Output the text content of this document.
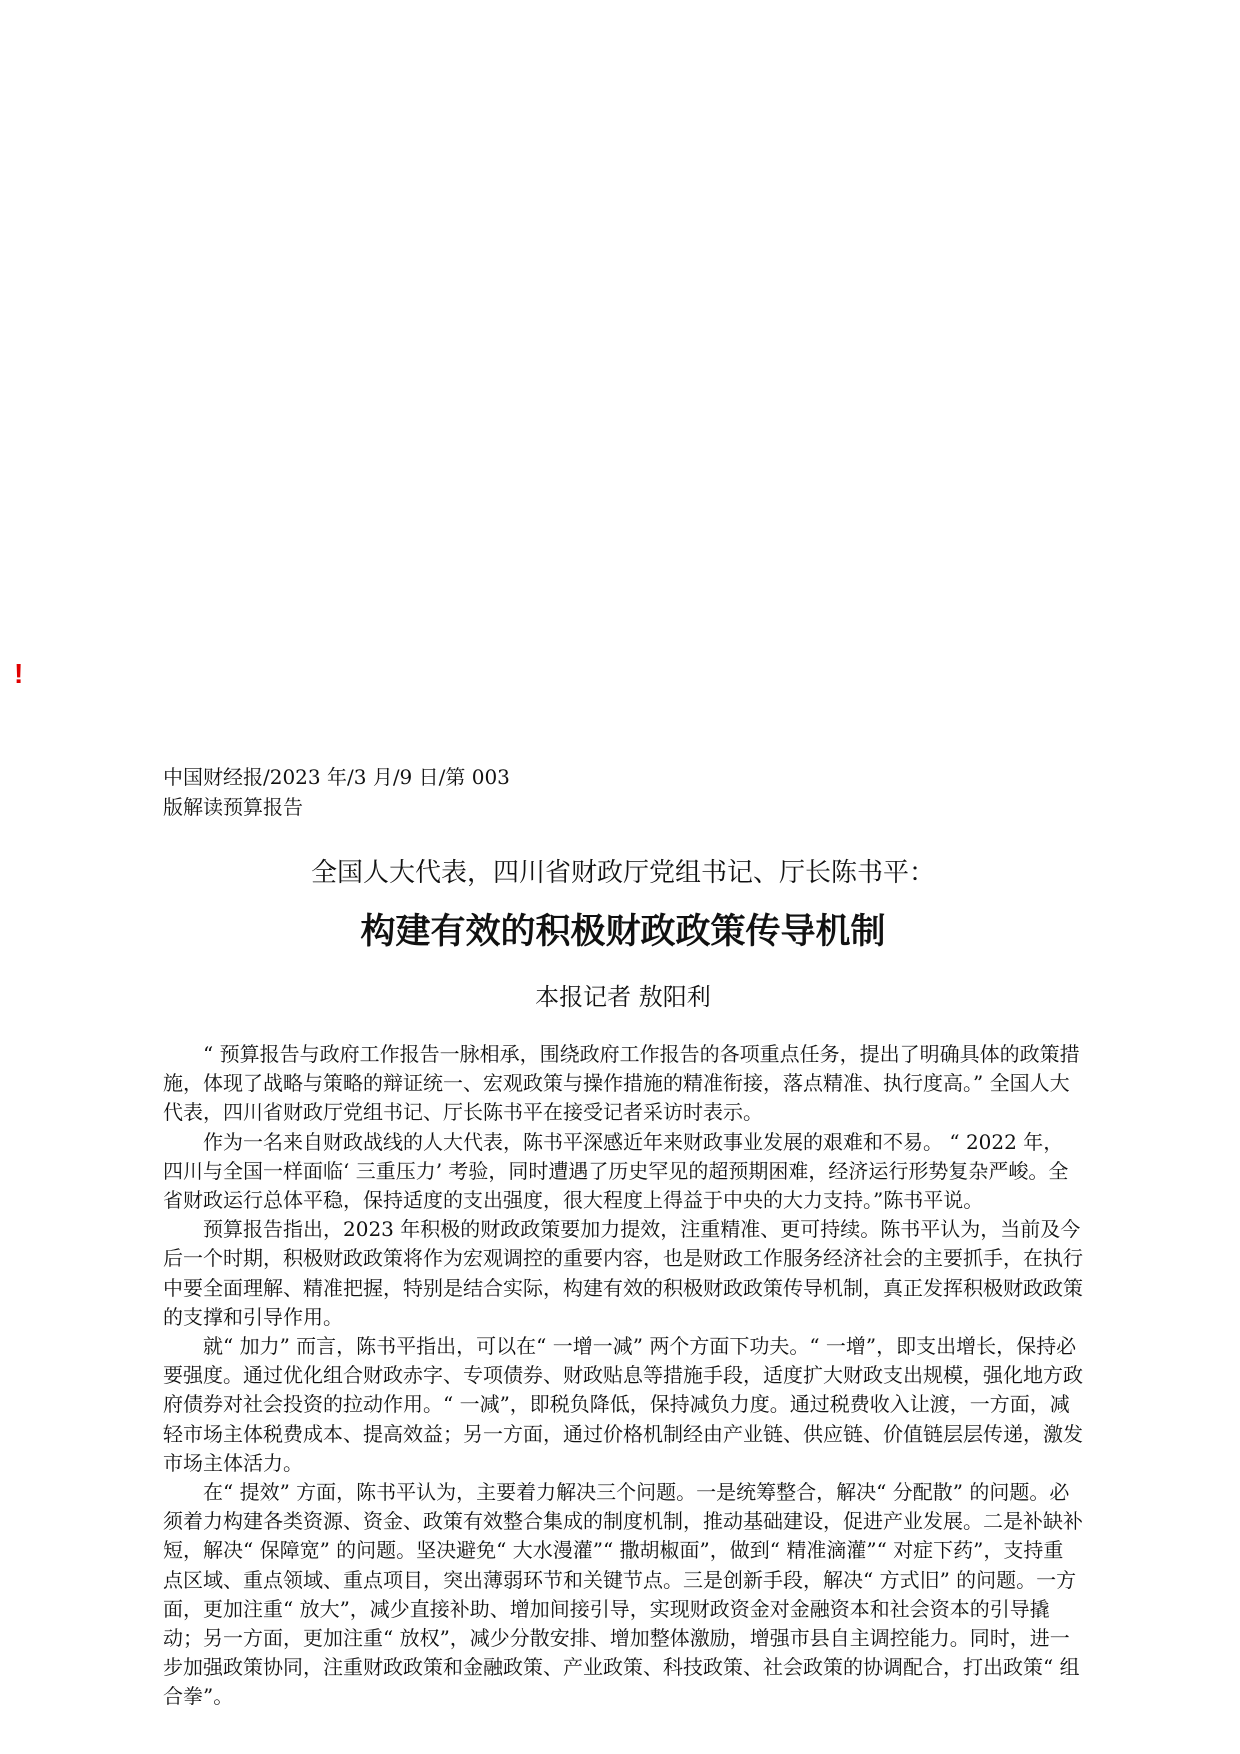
!
中国财经报/2023 年/3 月/9 日/第 003
版解读预算报告
全国人大代表，四川省财政厅党组书记、厅长陈书平：
构建有效的积极财政政策传导机制
本报记者 敖阳利

“ 预算报告与政府工作报告一脉相承，围绕政府工作报告的各项重点任务，提出了明确具体的政策措施，体现了战略与策略的辩证统一、宏观政策与操作措施的精准衔接，落点精准、执行度高。” 全国人大代表，四川省财政厅党组书记、厅长陈书平在接受记者采访时表示。

作为一名来自财政战线的人大代表，陈书平深感近年来财政事业发展的艰难和不易。 “ 2022 年，四川与全国一样面临‘ 三重压力’ 考验，同时遭遇了历史罕见的超预期困难，经济运行形势复杂严峻。全省财政运行总体平稳，保持适度的支出强度，很大程度上得益于中央的大力支持。”陈书平说。

预算报告指出，2023 年积极的财政政策要加力提效，注重精准、更可持续。陈书平认为，当前及今后一个时期，积极财政政策将作为宏观调控的重要内容，也是财政工作服务经济社会的主要抓手，在执行中要全面理解、精准把握，特别是结合实际，构建有效的积极财政政策传导机制，真正发挥积极财政政策的支撑和引导作用。

就“ 加力” 而言，陈书平指出，可以在“ 一增一减” 两个方面下功夫。“ 一增”，即支出增长，保持必要强度。通过优化组合财政赤字、专项债券、财政贴息等措施手段，适度扩大财政支出规模，强化地方政府债券对社会投资的拉动作用。“ 一减”，即税负降低，保持减负力度。通过税费收入让渡，一方面，减轻市场主体税费成本、提高效益；另一方面，通过价格机制经由产业链、供应链、价值链层层传递，激发市场主体活力。

在“ 提效” 方面，陈书平认为，主要着力解决三个问题。一是统筹整合，解决“ 分配散” 的问题。必须着力构建各类资源、资金、政策有效整合集成的制度机制，推动基础建设，促进产业发展。二是补缺补短，解决“ 保障宽” 的问题。坚决避免“ 大水漫灌”“ 撒胡椒面”，做到“ 精准滴灌”“ 对症下药”，支持重点区域、重点领域、重点项目，突出薄弱环节和关键节点。三是创新手段，解决“ 方式旧” 的问题。一方面，更加注重“ 放大”，减少直接补助、增加间接引导，实现财政资金对金融资本和社会资本的引导撬动；另一方面，更加注重“ 放权”，减少分散安排、增加整体激励，增强市县自主调控能力。同时，进一步加强政策协同，注重财政政策和金融政策、产业政策、科技政策、社会政策的协调配合，打出政策“ 组合拳”。
